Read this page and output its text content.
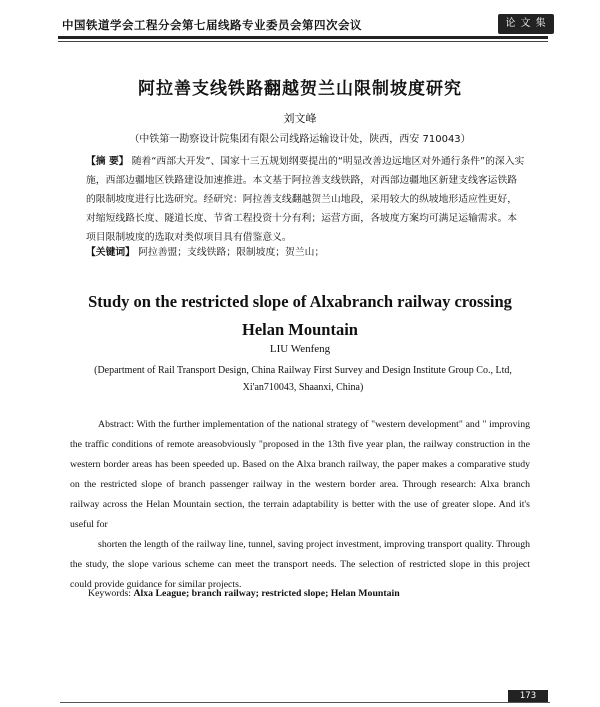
中国铁道学会工程分会第七届线路专业委员会第四次会议	论 文 集
阿拉善支线铁路翻越贺兰山限制坡度研究
刘文峰
（中铁第一勘察设计院集团有限公司线路运输设计处，陕西，西安 710043）
【摘 要】 随着“西部大开发”、国家十三五规划纲要提出的“明显改善边远地区对外通行条件”的深入实施，西部边疆地区铁路建设加速推进。本文基于阿拉善支线铁路，对西部边疆地区新建支线客运铁路的限制坡度进行比选研究。经研究：阿拉善支线翻越贺兰山地段，采用较大的纵坡地形适应性更好，对缩短线路长度、隧道长度、节省工程投资十分有利；运营方面，各坡度方案均可满足运输需求。本项目限制坡度的选取对类似项目具有借鉴意义。
【关键词】 阿拉善盟；支线铁路；限制坡度；贺兰山；
Study on the restricted slope of Alxabranch railway crossing
Helan Mountain
LIU Wenfeng
(Department of Rail Transport Design, China Railway First Survey and Design Institute Group Co., Ltd,
Xi'an710043, Shaanxi, China)

Abstract: With the further implementation of the national strategy of "western development" and " improving the traffic conditions of remote areasobviously "proposed in the 13th five year plan, the railway construction in the western border areas has been speeded up. Based on the Alxa branch railway, the paper makes a comparative study on the restricted slope of branch passenger railway in the western border area. Through research: Alxa branch railway across the Helan Mountain section, the terrain adaptability is better with the use of greater slope. And it's useful for

shorten the length of the railway line, tunnel, saving project investment, improving transport quality. Through the study, the slope various scheme can meet the transport needs. The selection of restricted slope in this project could provide guidance for similar projects.

Keywords: Alxa League; branch railway; restricted slope; Helan Mountain
173
